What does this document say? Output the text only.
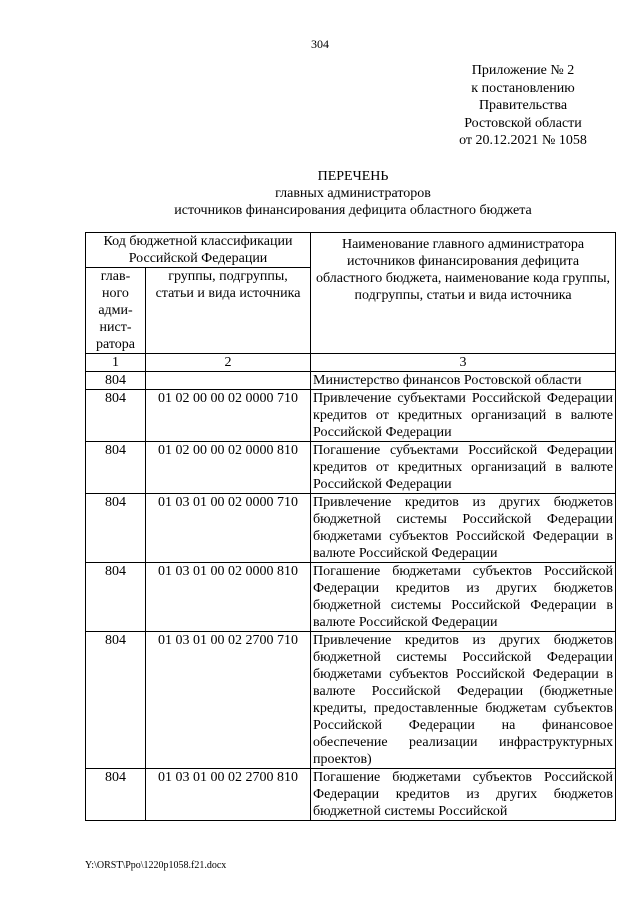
304
Приложение № 2
к постановлению
Правительства
Ростовской области
от 20.12.2021 № 1058
ПЕРЕЧЕНЬ
главных администраторов
источников финансирования дефицита областного бюджета
Код бюджетной классификации Российской Федерации		Наименование главного администратора источников финансирования дефицита областного бюджета, наименование кода группы, подгруппы, статьи и вида источника
глав-
ного
адми-
нист-
ратора	группы, подгруппы, статьи и вида источника	
1	2	3
804		Министерство финансов Ростовской области
804	01 02 00 00 02 0000 710	Привлечение субъектами Российской Федерации кредитов от кредитных организаций в валюте Российской Федерации
804	01 02 00 00 02 0000 810	Погашение субъектами Российской Федерации кредитов от кредитных организаций в валюте Российской Федерации
804	01 03 01 00 02 0000 710	Привлечение кредитов из других бюджетов бюджетной системы Российской Федерации бюджетами субъектов Российской Федерации в валюте Российской Федерации
804	01 03 01 00 02 0000 810	Погашение бюджетами субъектов Российской Федерации кредитов из других бюджетов бюджетной системы Российской Федерации в валюте Российской Федерации
804	01 03 01 00 02 2700 710	Привлечение кредитов из других бюджетов бюджетной системы Российской Федерации бюджетами субъектов Российской Федерации в валюте Российской Федерации (бюджетные кредиты, предоставленные бюджетам субъектов Российской Федерации на финансовое обеспечение реализации инфраструктурных проектов)
804	01 03 01 00 02 2700 810	Погашение бюджетами субъектов Российской Федерации кредитов из других бюджетов бюджетной системы Российской
Y:\ORST\Ppo\1220p1058.f21.docx
